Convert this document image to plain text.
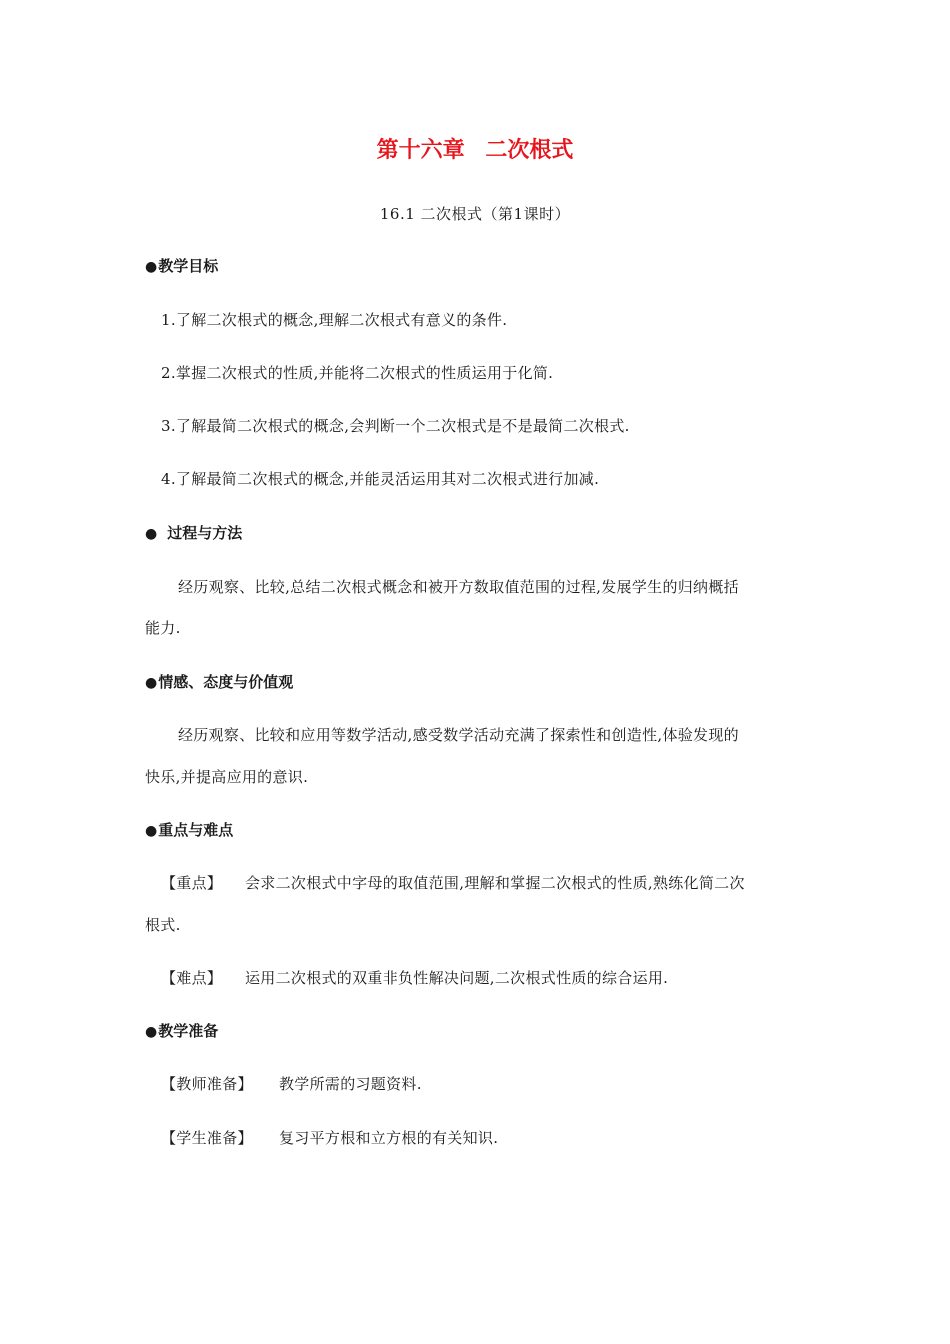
第十六章 二次根式
16.1 二次根式（第1课时）
●教学目标
1.了解二次根式的概念,理解二次根式有意义的条件.
2.掌握二次根式的性质,并能将二次根式的性质运用于化简.
3.了解最简二次根式的概念,会判断一个二次根式是不是最简二次根式.
4.了解最简二次根式的概念,并能灵活运用其对二次根式进行加减.
● 过程与方法
经历观察、比较,总结二次根式概念和被开方数取值范围的过程,发展学生的归纳概括
能力.
●情感、态度与价值观
经历观察、比较和应用等数学活动,感受数学活动充满了探索性和创造性,体验发现的
快乐,并提高应用的意识.
●重点与难点
【重点】 会求二次根式中字母的取值范围,理解和掌握二次根式的性质,熟练化简二次
根式.
【难点】 运用二次根式的双重非负性解决问题,二次根式性质的综合运用.
●教学准备
【教师准备】 教学所需的习题资料.
【学生准备】 复习平方根和立方根的有关知识.
